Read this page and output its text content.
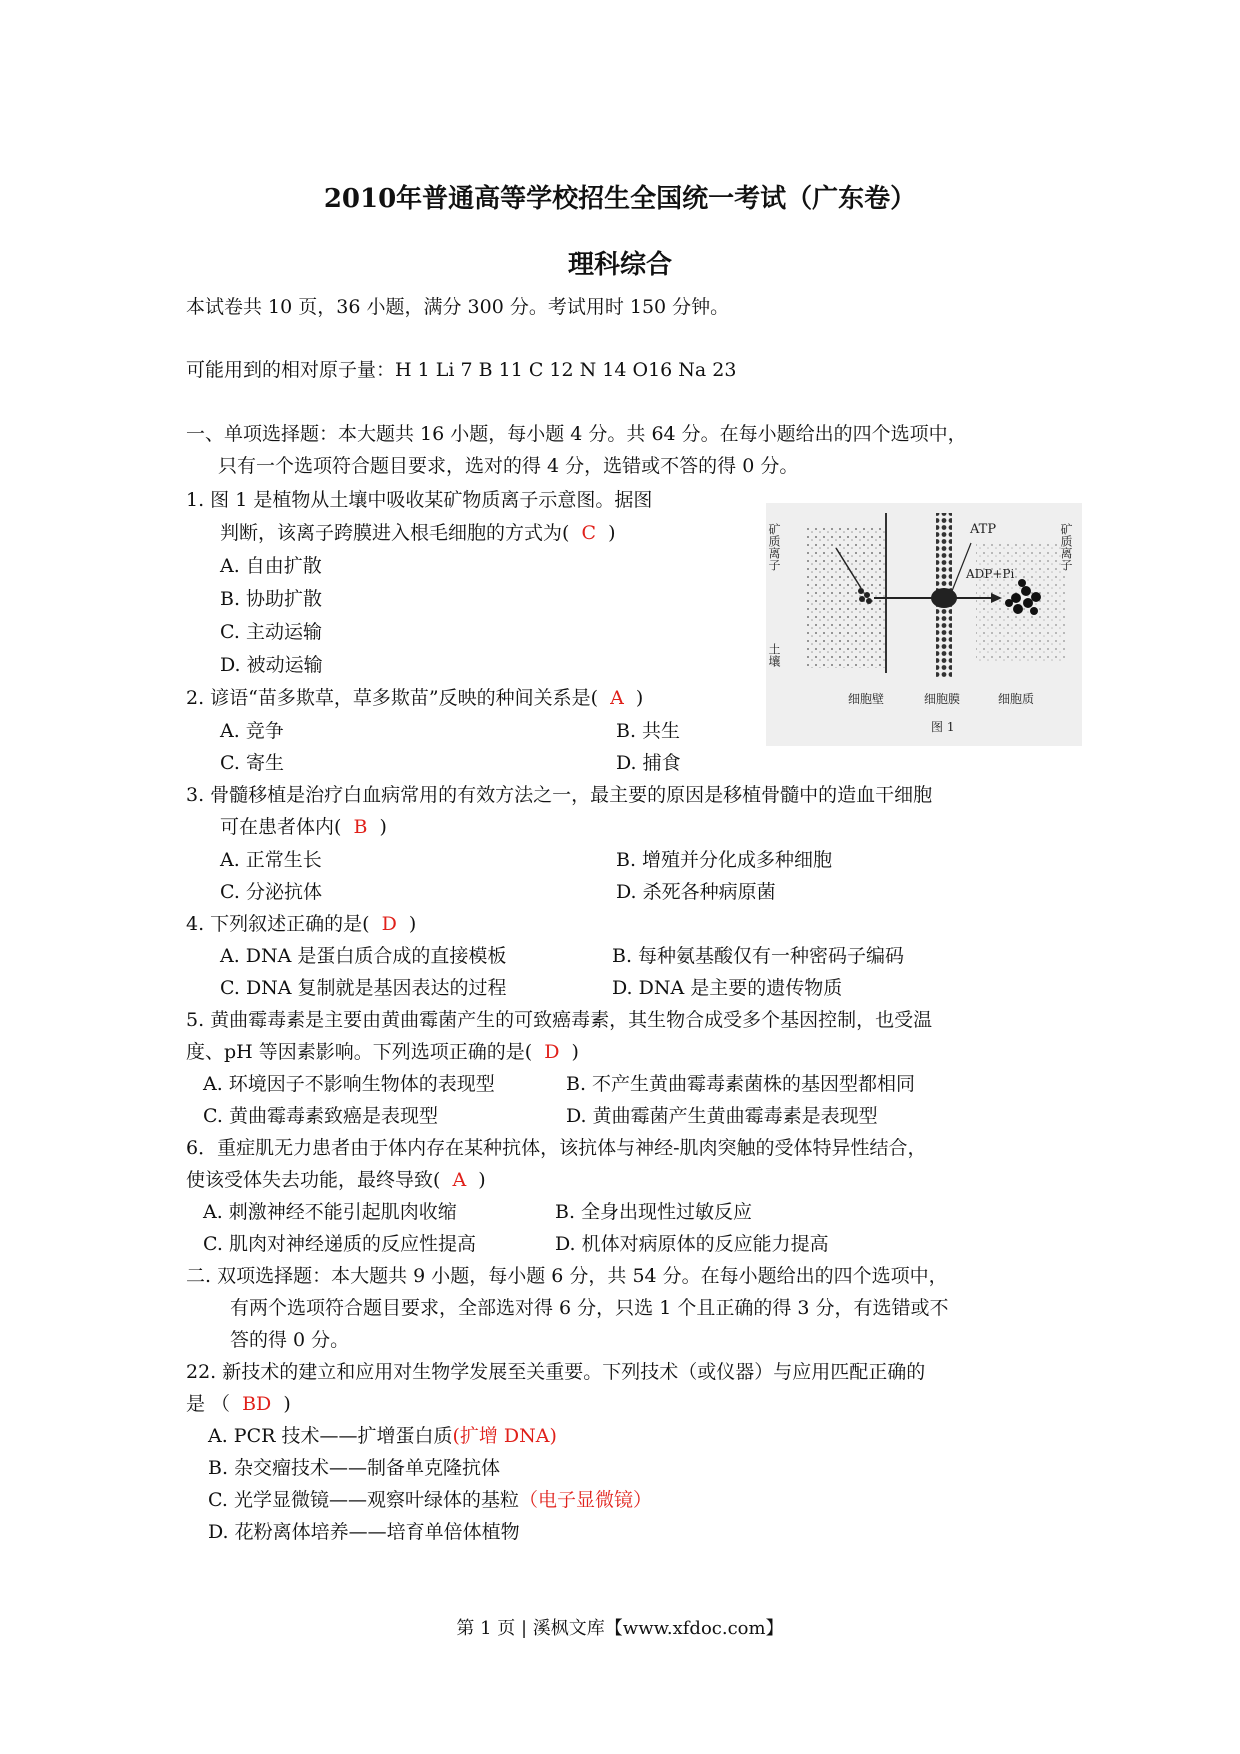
2010年普通高等学校招生全国统一考试（广东卷）
理科综合
本试卷共 10 页，36 小题，满分 300 分。考试用时 150 分钟。
可能用到的相对原子量：H 1 Li 7 B 11 C 12 N 14 O16 Na 23
一、单项选择题：本大题共 16 小题，每小题 4 分。共 64 分。在每小题给出的四个选项中，
只有一个选项符合题目要求，选对的得 4 分，选错或不答的得 0 分。
1. 图 1 是植物从土壤中吸收某矿物质离子示意图。据图
判断，该离子跨膜进入根毛细胞的方式为( C )
A. 自由扩散
B. 协助扩散
C. 主动运输
D. 被动运输
矿质离子
土壤
ATP
ADP+Pi
矿质离子
细胞壁	细胞膜	细胞质
图 1
2. 谚语“苗多欺草，草多欺苗”反映的种间关系是( A )
A. 竞争	B. 共生
C. 寄生	D. 捕食
3. 骨髓移植是治疗白血病常用的有效方法之一，最主要的原因是移植骨髓中的造血干细胞
可在患者体内( B )
A. 正常生长	B. 增殖并分化成多种细胞
C. 分泌抗体	D. 杀死各种病原菌
4. 下列叙述正确的是( D )
A. DNA 是蛋白质合成的直接模板	B. 每种氨基酸仅有一种密码子编码
C. DNA 复制就是基因表达的过程	D. DNA 是主要的遗传物质
5. 黄曲霉毒素是主要由黄曲霉菌产生的可致癌毒素，其生物合成受多个基因控制，也受温
度、pH 等因素影响。下列选项正确的是( D )
A. 环境因子不影响生物体的表现型	B. 不产生黄曲霉毒素菌株的基因型都相同
C. 黄曲霉毒素致癌是表现型	D. 黄曲霉菌产生黄曲霉毒素是表现型
6．重症肌无力患者由于体内存在某种抗体，该抗体与神经-肌肉突触的受体特异性结合，
使该受体失去功能，最终导致( A )
A. 刺激神经不能引起肌肉收缩	B. 全身出现性过敏反应
C. 肌肉对神经递质的反应性提高	D. 机体对病原体的反应能力提高
二. 双项选择题：本大题共 9 小题，每小题 6 分，共 54 分。在每小题给出的四个选项中，
有两个选项符合题目要求，全部选对得 6 分，只选 1 个且正确的得 3 分，有选错或不
答的得 0 分。
22. 新技术的建立和应用对生物学发展至关重要。下列技术（或仪器）与应用匹配正确的
是 （ BD )
A. PCR 技术——扩增蛋白质(扩增 DNA)
B. 杂交瘤技术——制备单克隆抗体
C. 光学显微镜——观察叶绿体的基粒（电子显微镜）
D. 花粉离体培养——培育单倍体植物
第 1 页 | 溪枫文库【www.xfdoc.com】
